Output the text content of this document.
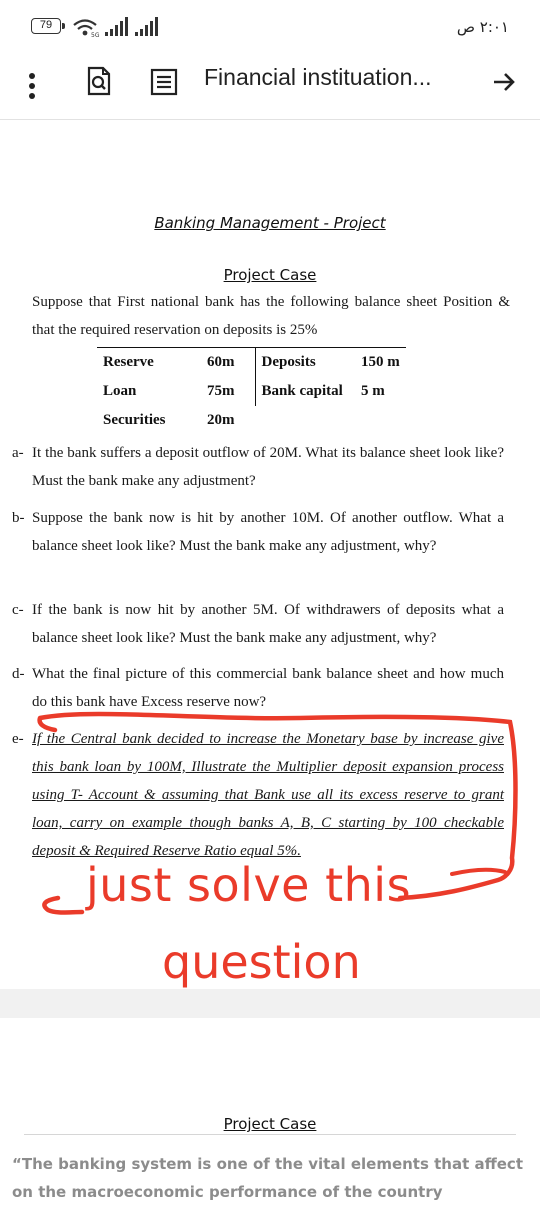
79
5G	٢:٠١ ص
Financial instituation...
Banking Management - Project
Project Case
Suppose that First national bank has the following balance sheet Position & that the required reservation on deposits is 25%
Reserve	60m	Deposits	150 m
Loan	75m	Bank capital	5 m
Securities	20m		
a- It the bank suffers a deposit outflow of 20M. What its balance sheet look like? Must the bank make any adjustment?
b- Suppose the bank now is hit by another 10M. Of another outflow. What a balance sheet look like? Must the bank make any adjustment, why?
c- If the bank is now hit by another 5M. Of withdrawers of deposits what a balance sheet look like? Must the bank make any adjustment, why?
d- What the final picture of this commercial bank balance sheet and how much do this bank have Excess reserve now?
e- If the Central bank decided to increase the Monetary base by increase give this bank loan by 100M, Illustrate the Multiplier deposit expansion process using T- Account & assuming that Bank use all its excess reserve to grant loan, carry on example though banks A, B, C starting by 100 checkable deposit & Required Reserve Ratio equal 5%.
just solve this
question
Project Case
“The banking system is one of the vital elements that affect on the macroeconomic performance of the country
